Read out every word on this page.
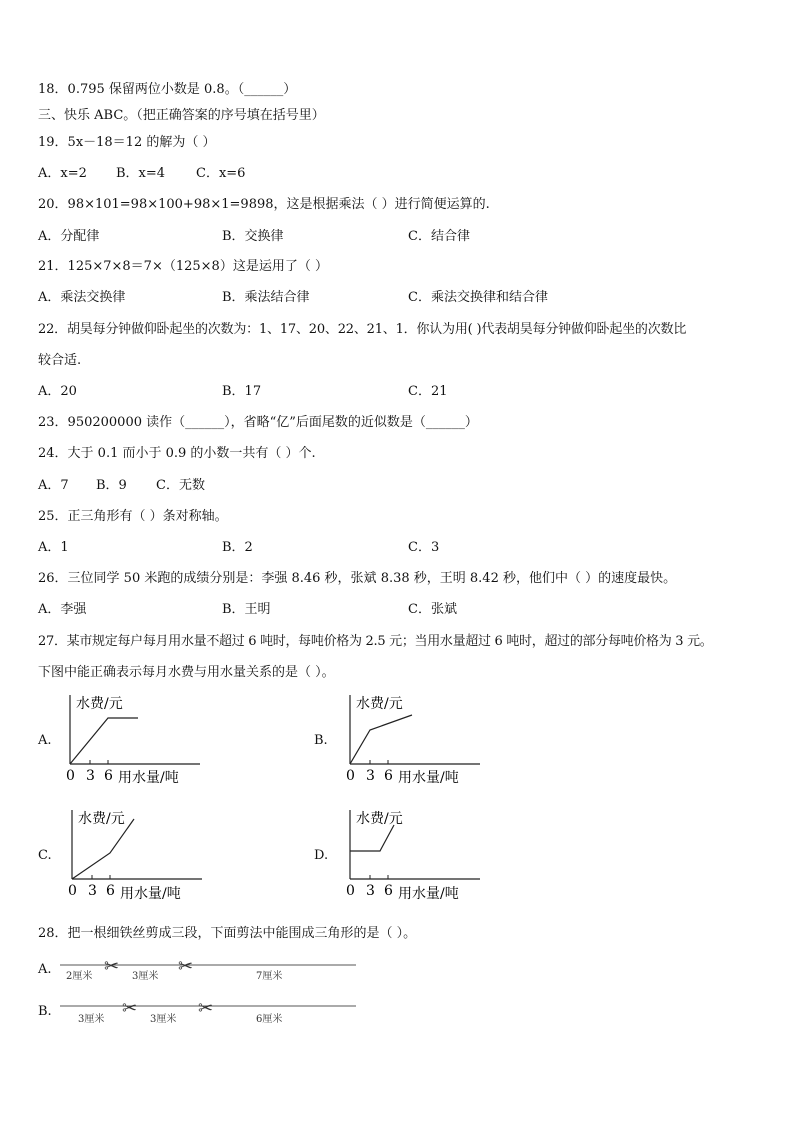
18．0.795 保留两位小数是 0.8。（______）
三、快乐 ABC。（把正确答案的序号填在括号里）
19．5x－18＝12 的解为（ ）
A．x=2 B．x=4 C．x=6
20．98×101=98×100+98×1=9898，这是根据乘法（ ）进行简便运算的.
A．分配律	B．交换律	C．结合律
21．125×7×8＝7×（125×8）这是运用了（ ）
A．乘法交换律	B．乘法结合律	C．乘法交换律和结合律
22．胡昊每分钟做仰卧起坐的次数为：1、17、20、22、21、1．你认为用( )代表胡昊每分钟做仰卧起坐的次数比
较合适.
A．20	B．17	C．21
23．950200000 读作（______），省略“亿”后面尾数的近似数是（______）
24．大于 0.1 而小于 0.9 的小数一共有（ ）个.
A．7 B．9 C．无数
25．正三角形有（ ）条对称轴。
A．1	B．2	C．3
26．三位同学 50 米跑的成绩分别是：李强 8.46 秒，张斌 8.38 秒，王明 8.42 秒，他们中（ ）的速度最快。
A．李强	B．王明	C．张斌
27．某市规定每户每月用水量不超过 6 吨时，每吨价格为 2.5 元；当用水量超过 6 吨时，超过的部分每吨价格为 3 元。
下图中能正确表示每月水费与用水量关系的是（ ）。
A.
水费/元
0 3 6 用水量/吨
B.
水费/元
0 3 6 用水量/吨
C.
水费/元
0 3 6 用水量/吨
D.
水费/元
0 3 6 用水量/吨
28．把一根细铁丝剪成三段，下面剪法中能围成三角形的是（ ）。
A.	✂	✂
2厘米	3厘米	7厘米
B.	✂	✂
3厘米	3厘米	6厘米
